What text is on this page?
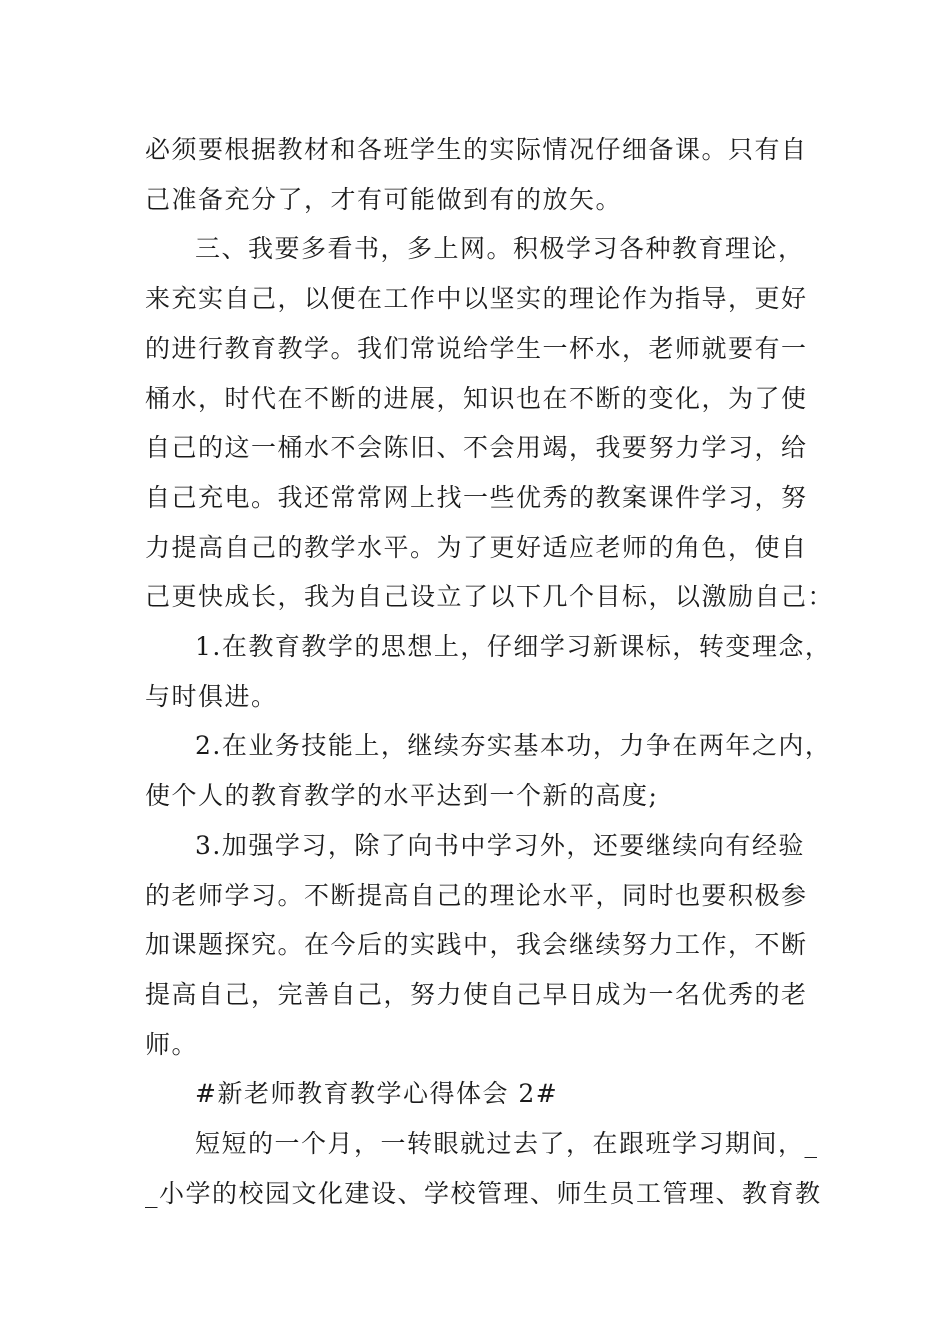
必须要根据教材和各班学生的实际情况仔细备课。只有自
己准备充分了，才有可能做到有的放矢。

三、我要多看书，多上网。积极学习各种教育理论，
来充实自己，以便在工作中以坚实的理论作为指导，更好
的进行教育教学。我们常说给学生一杯水，老师就要有一
桶水，时代在不断的进展，知识也在不断的变化，为了使
自己的这一桶水不会陈旧、不会用竭，我要努力学习，给
自己充电。我还常常网上找一些优秀的教案课件学习，努
力提高自己的教学水平。为了更好适应老师的角色，使自
己更快成长，我为自己设立了以下几个目标，以激励自己：

1.在教育教学的思想上，仔细学习新课标，转变理念，
与时俱进。

2.在业务技能上，继续夯实基本功，力争在两年之内，
使个人的教育教学的水平达到一个新的高度;

3.加强学习，除了向书中学习外，还要继续向有经验
的老师学习。不断提高自己的理论水平，同时也要积极参
加课题探究。在今后的实践中，我会继续努力工作，不断
提高自己，完善自己，努力使自己早日成为一名优秀的老
师。

#新老师教育教学心得体会 2#

短短的一个月，一转眼就过去了，在跟班学习期间，_
_小学的校园文化建设、学校管理、师生员工管理、教育教
